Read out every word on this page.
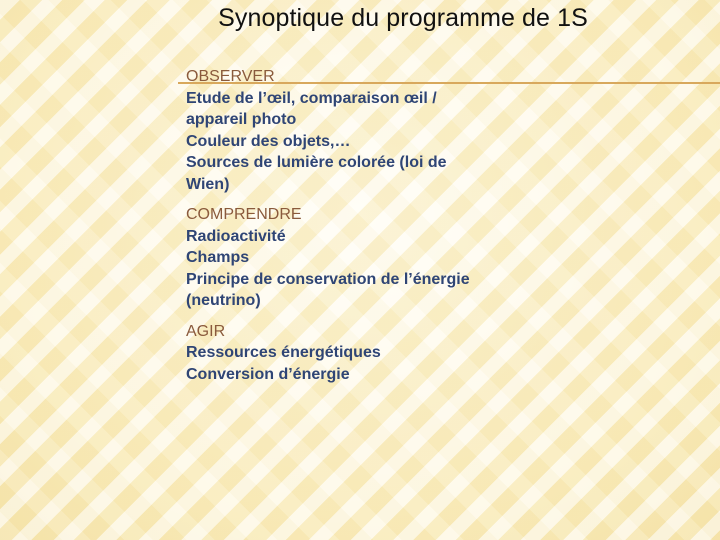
Synoptique du programme de 1S
OBSERVER
Etude de l’œil, comparaison œil /
appareil photo
Couleur des objets,…
Sources de lumière colorée (loi de
Wien)
COMPRENDRE
Radioactivité
Champs
Principe de conservation de l’énergie
(neutrino)
AGIR
Ressources énergétiques
Conversion d’énergie
